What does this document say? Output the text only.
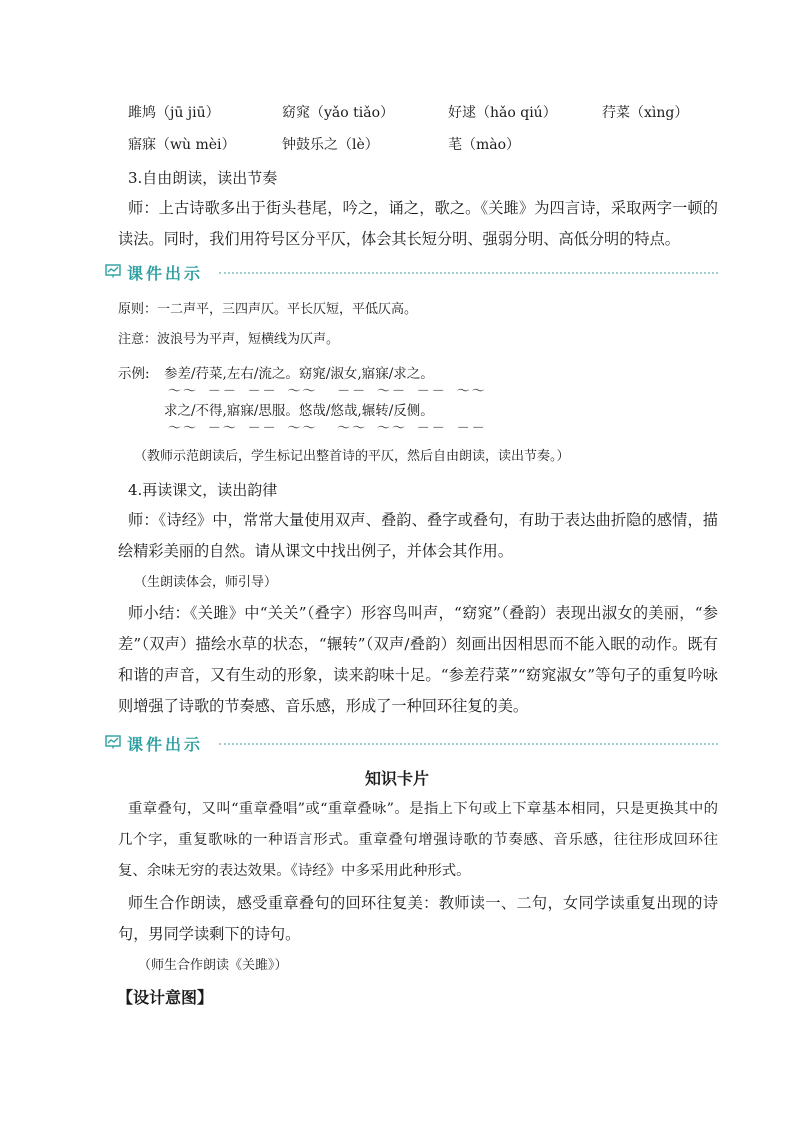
雎鸠（jū jiū）	窈窕（yǎo tiǎo）	好逑（hǎo qiú）	荇菜（xìng）
寤寐（wù mèi）	钟鼓乐之（lè）	芼（mào）
3.自由朗读，读出节奏
师：上古诗歌多出于街头巷尾，吟之，诵之，歌之。《关雎》为四言诗，采取两字一顿的读法。同时，我们用符号区分平仄，体会其长短分明、强弱分明、高低分明的特点。
课件出示
原则：一二声平，三四声仄。平长仄短，平低仄高。
注意：波浪号为平声，短横线为仄声。
示例: 参差/荇菜,左右/流之。窈窕/淑女,寤寐/求之。
～～ －－ －－ ～～  －－ ～－ －－ ～～
求之/不得,寤寐/思服。悠哉/悠哉,辗转/反侧。
～～ －～ －－ ～～  ～～ ～～ －－ －－
（教师示范朗读后，学生标记出整首诗的平仄，然后自由朗读，读出节奏。）
4.再读课文，读出韵律
师：《诗经》中，常常大量使用双声、叠韵、叠字或叠句，有助于表达曲折隐的感情，描绘精彩美丽的自然。请从课文中找出例子，并体会其作用。
（生朗读体会，师引导）
师小结：《关雎》中“关关”（叠字）形容鸟叫声，“窈窕”（叠韵）表现出淑女的美丽，“参差”（双声）描绘水草的状态，“辗转”（双声/叠韵）刻画出因相思而不能入眠的动作。既有和谐的声音，又有生动的形象，读来韵味十足。“参差荇菜”“窈窕淑女”等句子的重复吟咏则增强了诗歌的节奏感、音乐感，形成了一种回环往复的美。
课件出示
知识卡片
重章叠句，又叫“重章叠唱”或“重章叠咏”。是指上下句或上下章基本相同，只是更换其中的几个字，重复歌咏的一种语言形式。重章叠句增强诗歌的节奏感、音乐感，往往形成回环往复、余味无穷的表达效果。《诗经》中多采用此种形式。
师生合作朗读，感受重章叠句的回环往复美：教师读一、二句，女同学读重复出现的诗句，男同学读剩下的诗句。
（师生合作朗读《关雎》）
【设计意图】
